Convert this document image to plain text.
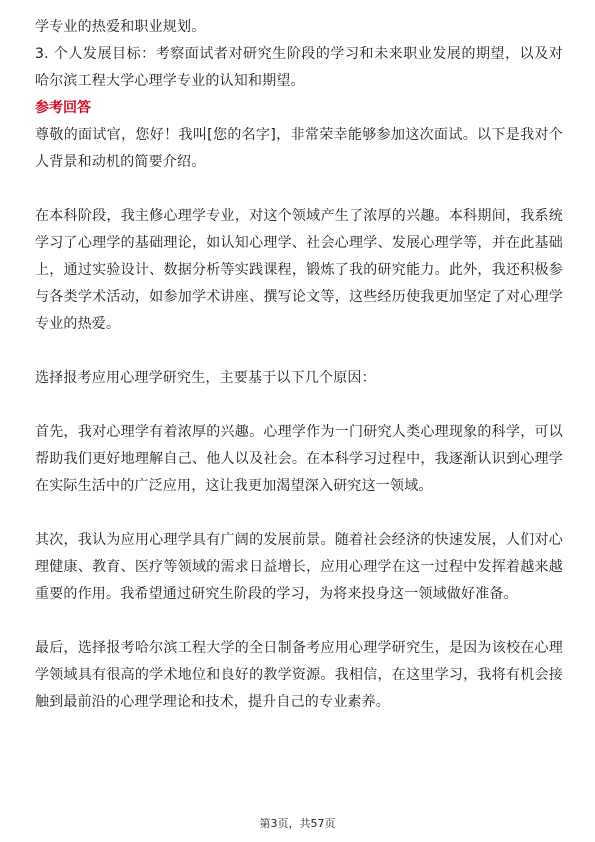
学专业的热爱和职业规划。

3. 个人发展目标：考察面试者对研究生阶段的学习和未来职业发展的期望，以及对哈尔滨工程大学心理学专业的认知和期望。

参考回答

尊敬的面试官，您好！我叫[您的名字]，非常荣幸能够参加这次面试。以下是我对个人背景和动机的简要介绍。

在本科阶段，我主修心理学专业，对这个领域产生了浓厚的兴趣。本科期间，我系统学习了心理学的基础理论，如认知心理学、社会心理学、发展心理学等，并在此基础上，通过实验设计、数据分析等实践课程，锻炼了我的研究能力。此外，我还积极参与各类学术活动，如参加学术讲座、撰写论文等，这些经历使我更加坚定了对心理学专业的热爱。

选择报考应用心理学研究生，主要基于以下几个原因：

首先，我对心理学有着浓厚的兴趣。心理学作为一门研究人类心理现象的科学，可以帮助我们更好地理解自己、他人以及社会。在本科学习过程中，我逐渐认识到心理学在实际生活中的广泛应用，这让我更加渴望深入研究这一领域。

其次，我认为应用心理学具有广阔的发展前景。随着社会经济的快速发展，人们对心理健康、教育、医疗等领域的需求日益增长，应用心理学在这一过程中发挥着越来越重要的作用。我希望通过研究生阶段的学习，为将来投身这一领域做好准备。

最后，选择报考哈尔滨工程大学的全日制备考应用心理学研究生，是因为该校在心理学领域具有很高的学术地位和良好的教学资源。我相信，在这里学习，我将有机会接触到最前沿的心理学理论和技术，提升自己的专业素养。

第3页，共57页
